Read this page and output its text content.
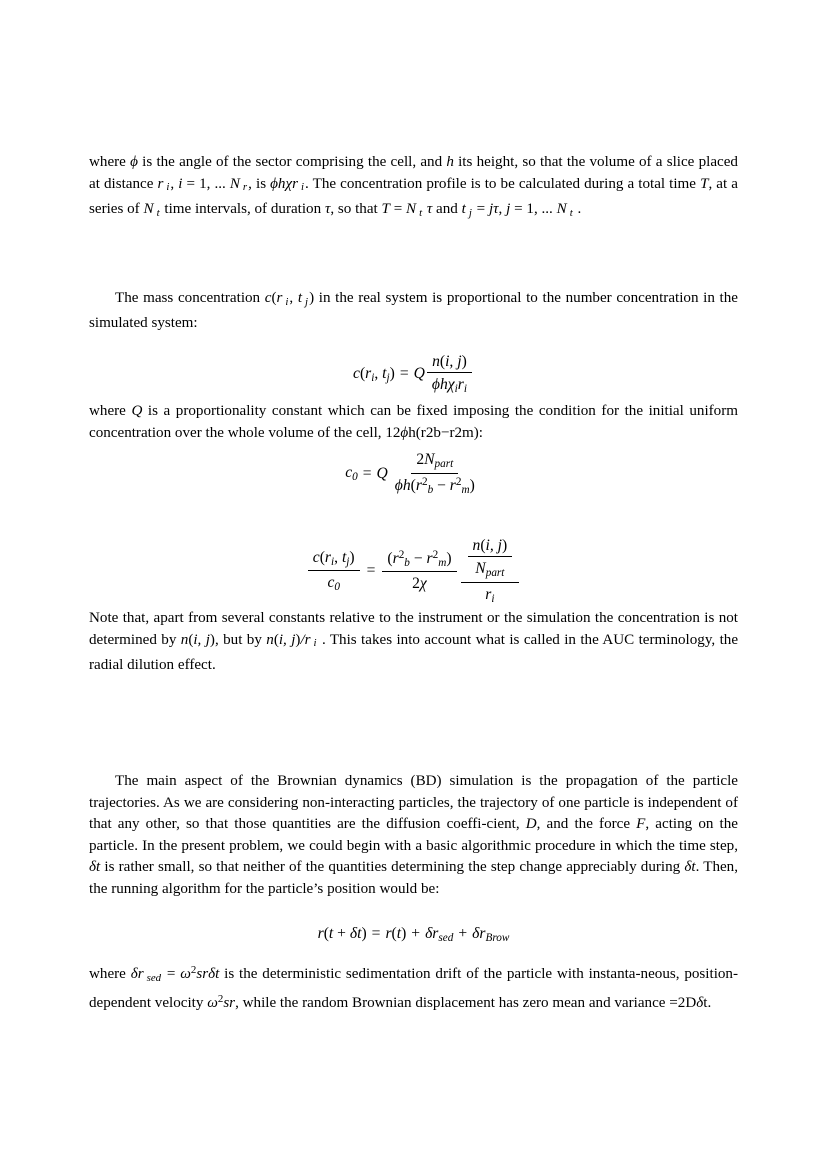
where ϕ is the angle of the sector comprising the cell, and h its height, so that the volume of a slice placed at distance r i, i = 1, ... N r, is ϕhχr i. The concentration profile is to be calculated during a total time T, at a series of N t time intervals, of duration τ, so that T = N t τ and t j = jτ, j = 1, ... N t .

The mass concentration c(r i, t j) in the real system is proportional to the number concentration in the simulated system:

$c(r_i$, $t_j) = Q \frac{n(i, j)}{\phi h\chi_ir_i}$

where Q is a proportionality constant which can be fixed imposing the condition for the initial uniform concentration over the whole volume of the cell, 12ϕh(r2b−r2m):

$c_0 = Q \frac{2N_{part}}{\phi h(r^2_b - r^2_m)}$

$\frac{c(r_i, t_j)}{c_0} = \frac{(r^2_b - r^2_m)}{2\chi} \frac{\frac{n(i, j)}{N_{part}}}{r_i}$

Note that, apart from several constants relative to the instrument or the simulation the concentration is not determined by n(i, j), but by n(i, j)/r i . This takes into account what is called in the AUC terminology, the radial dilution effect.

The main aspect of the Brownian dynamics (BD) simulation is the propagation of the particle trajectories. As we are considering non-interacting particles, the trajectory of one particle is independent of that any other, so that those quantities are the diffusion coeffi-cient, D, and the force F, acting on the particle. In the present problem, we could begin with a basic algorithmic procedure in which the time step, δt is rather small, so that neither of the quantities determining the step change appreciably during δt. Then, the running algorithm for the particle’s position would be:

$r(t + \delta t) = r(t) + \delta r_{sed} + \delta r_{Brow}$

where δr sed = $\omega^2sr\delta t$ is the deterministic sedimentation drift of the particle with instanta-neous, position-dependent velocity $\omega^2sr$, while the random Brownian displacement has zero mean and variance =2Dδt.
